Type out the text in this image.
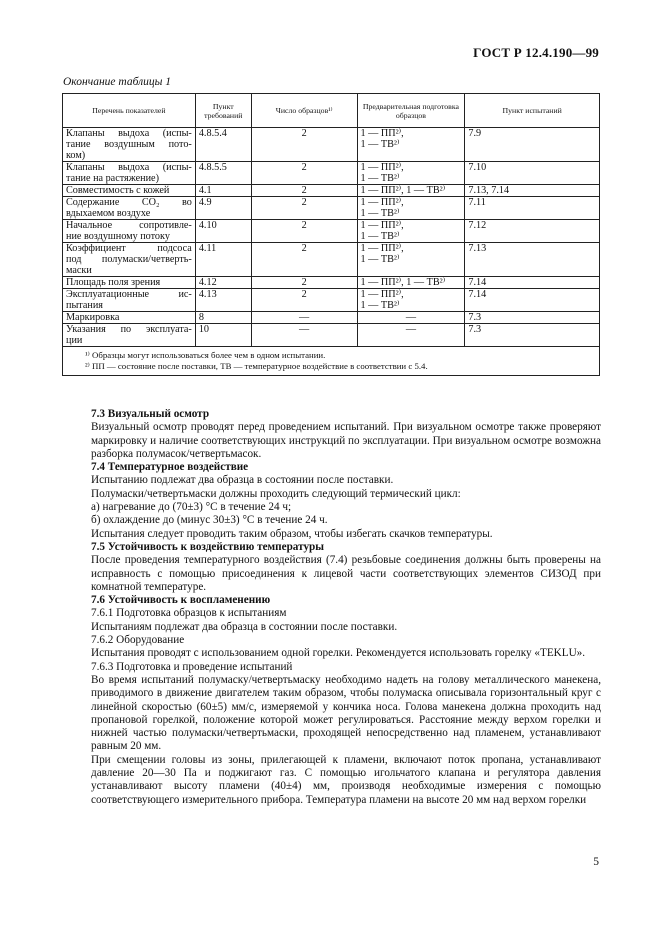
ГОСТ Р 12.4.190—99
Окончание таблицы 1
Перечень показателей	Пункт требований	Число образцов¹⁾	Предварительная подготовка образцов	Пункт испытаний

Клапаны выдоха (испы-
тание воздушным пото-
ком)	4.8.5.4	2	1 — ПП²⁾,
1 — ТВ²⁾	7.9

Клапаны выдоха (испы-
тание на растяжение)	4.8.5.5	2	1 — ПП²⁾,
1 — ТВ²⁾	7.10

Совместимость с кожей	4.1	2	1 — ПП²⁾, 1 — ТВ²⁾	7.13, 7.14

Содержание CO₂ во
вдыхаемом воздухе	4.9	2	1 — ПП²⁾,
1 — ТВ²⁾	7.11

Начальное сопротивле-
ние воздушному потоку	4.10	2	1 — ПП²⁾,
1 — ТВ²⁾	7.12

Коэффициент подсоса
под полумаски/четверть-
маски	4.11	2	1 — ПП²⁾,
1 — ТВ²⁾	7.13

Площадь поля зрения	4.12	2	1 — ПП²⁾, 1 — ТВ²⁾	7.14

Эксплуатационные ис-
пытания	4.13	2	1 — ПП²⁾,
1 — ТВ²⁾	7.14

Маркировка	8	—	—	7.3

Указания по эксплуата-
ции	10	—	—	7.3

¹⁾ Образцы могут использоваться более чем в одном испытании.
²⁾ ПП — состояние после поставки, ТВ — температурное воздействие в соответствии с 5.4.				

7.3 Визуальный осмотр

Визуальный осмотр проводят перед проведением испытаний. При визуальном осмотре также проверяют маркировку и наличие соответствующих инструкций по эксплуатации. При визуальном осмотре возможна разборка полумасок/четвертьмасок.

7.4 Температурное воздействие

Испытанию подлежат два образца в состоянии после поставки.

Полумаски/четвертьмаски должны проходить следующий термический цикл:

а) нагревание до (70±3) °С в течение 24 ч;

б) охлаждение до (минус 30±3) °С в течение 24 ч.

Испытания следует проводить таким образом, чтобы избегать скачков температуры.

7.5 Устойчивость к воздействию температуры

После проведения температурного воздействия (7.4) резьбовые соединения должны быть проверены на исправность с помощью присоединения к лицевой части соответствующих элементов СИЗОД при комнатной температуре.

7.6 Устойчивость к воспламенению

7.6.1 Подготовка образцов к испытаниям

Испытаниям подлежат два образца в состоянии после поставки.

7.6.2 Оборудование

Испытания проводят с использованием одной горелки. Рекомендуется использовать горелку «TEKLU».

7.6.3 Подготовка и проведение испытаний

Во время испытаний полумаску/четвертьмаску необходимо надеть на голову металлического манекена, приводимого в движение двигателем таким образом, чтобы полумаска описывала горизонтальный круг с линейной скоростью (60±5) мм/с, измеряемой у кончика носа. Голова манекена должна проходить над пропановой горелкой, положение которой может регулироваться. Расстояние между верхом горелки и нижней частью полумаски/четвертьмаски, проходящей непосредственно над пламенем, устанавливают равным 20 мм.

При смещении головы из зоны, прилегающей к пламени, включают поток пропана, устанавливают давление 20—30 Па и поджигают газ. С помощью игольчатого клапана и регулятора давления устанавливают высоту пламени (40±4) мм, производя необходимые измерения с помощью соответствующего измерительного прибора. Температура пламени на высоте 20 мм над верхом горелки

5
